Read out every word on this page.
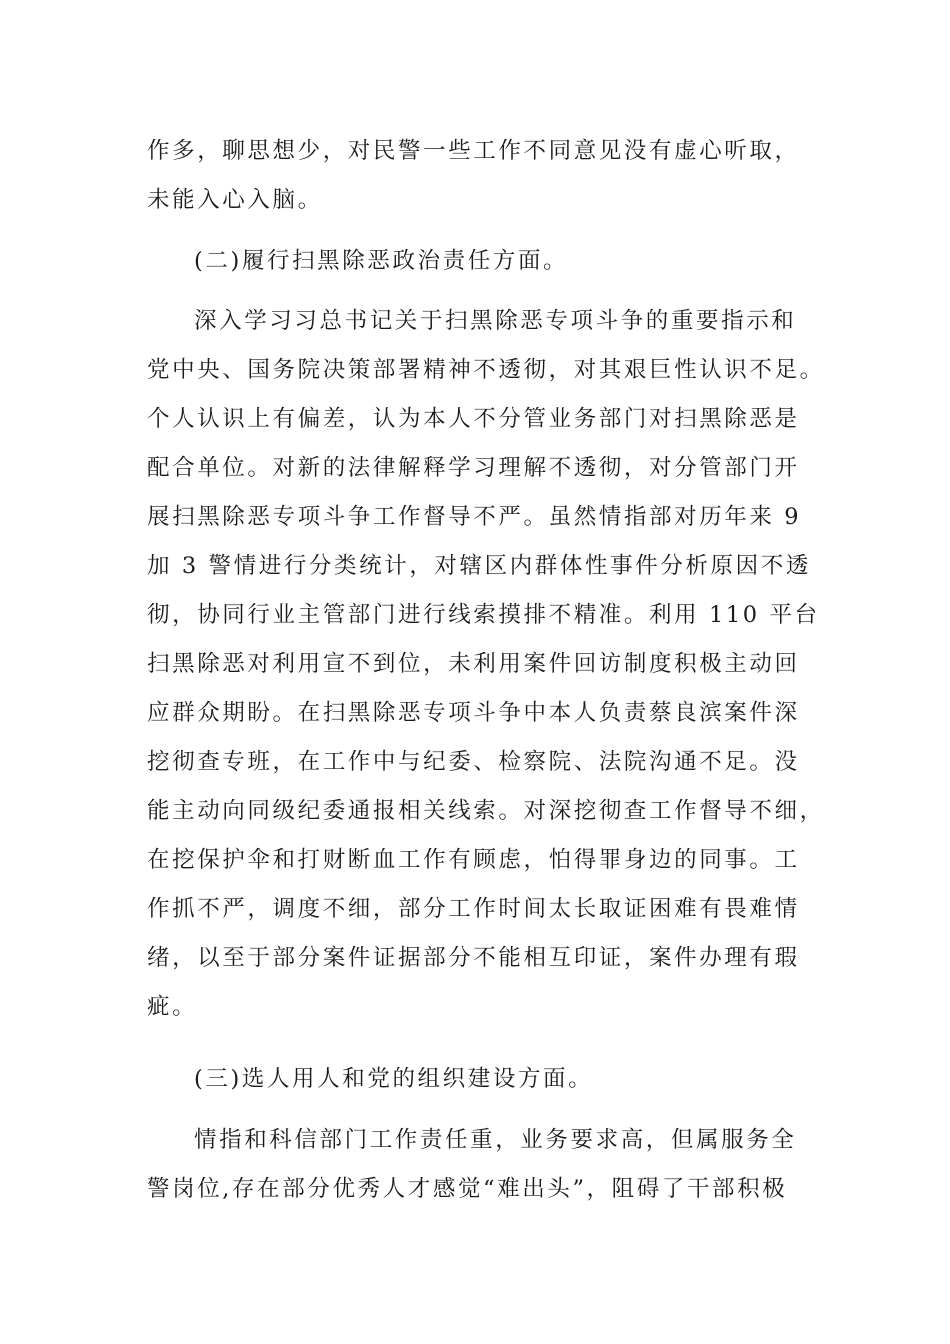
作多，聊思想少，对民警一些工作不同意见没有虚心听取，
未能入心入脑。
(二)履行扫黑除恶政治责任方面。
深入学习习总书记关于扫黑除恶专项斗争的重要指示和
党中央、国务院决策部署精神不透彻，对其艰巨性认识不足。
个人认识上有偏差，认为本人不分管业务部门对扫黑除恶是
配合单位。对新的法律解释学习理解不透彻，对分管部门开
展扫黑除恶专项斗争工作督导不严。虽然情指部对历年来 9
加 3 警情进行分类统计，对辖区内群体性事件分析原因不透
彻，协同行业主管部门进行线索摸排不精准。利用 110 平台
扫黑除恶对利用宣不到位，未利用案件回访制度积极主动回
应群众期盼。在扫黑除恶专项斗争中本人负责蔡良滨案件深
挖彻查专班，在工作中与纪委、检察院、法院沟通不足。没
能主动向同级纪委通报相关线索。对深挖彻查工作督导不细，
在挖保护伞和打财断血工作有顾虑，怕得罪身边的同事。工
作抓不严，调度不细，部分工作时间太长取证困难有畏难情
绪，以至于部分案件证据部分不能相互印证，案件办理有瑕
疵。
(三)选人用人和党的组织建设方面。
情指和科信部门工作责任重，业务要求高，但属服务全
警岗位,存在部分优秀人才感觉“难出头”，阻碍了干部积极
